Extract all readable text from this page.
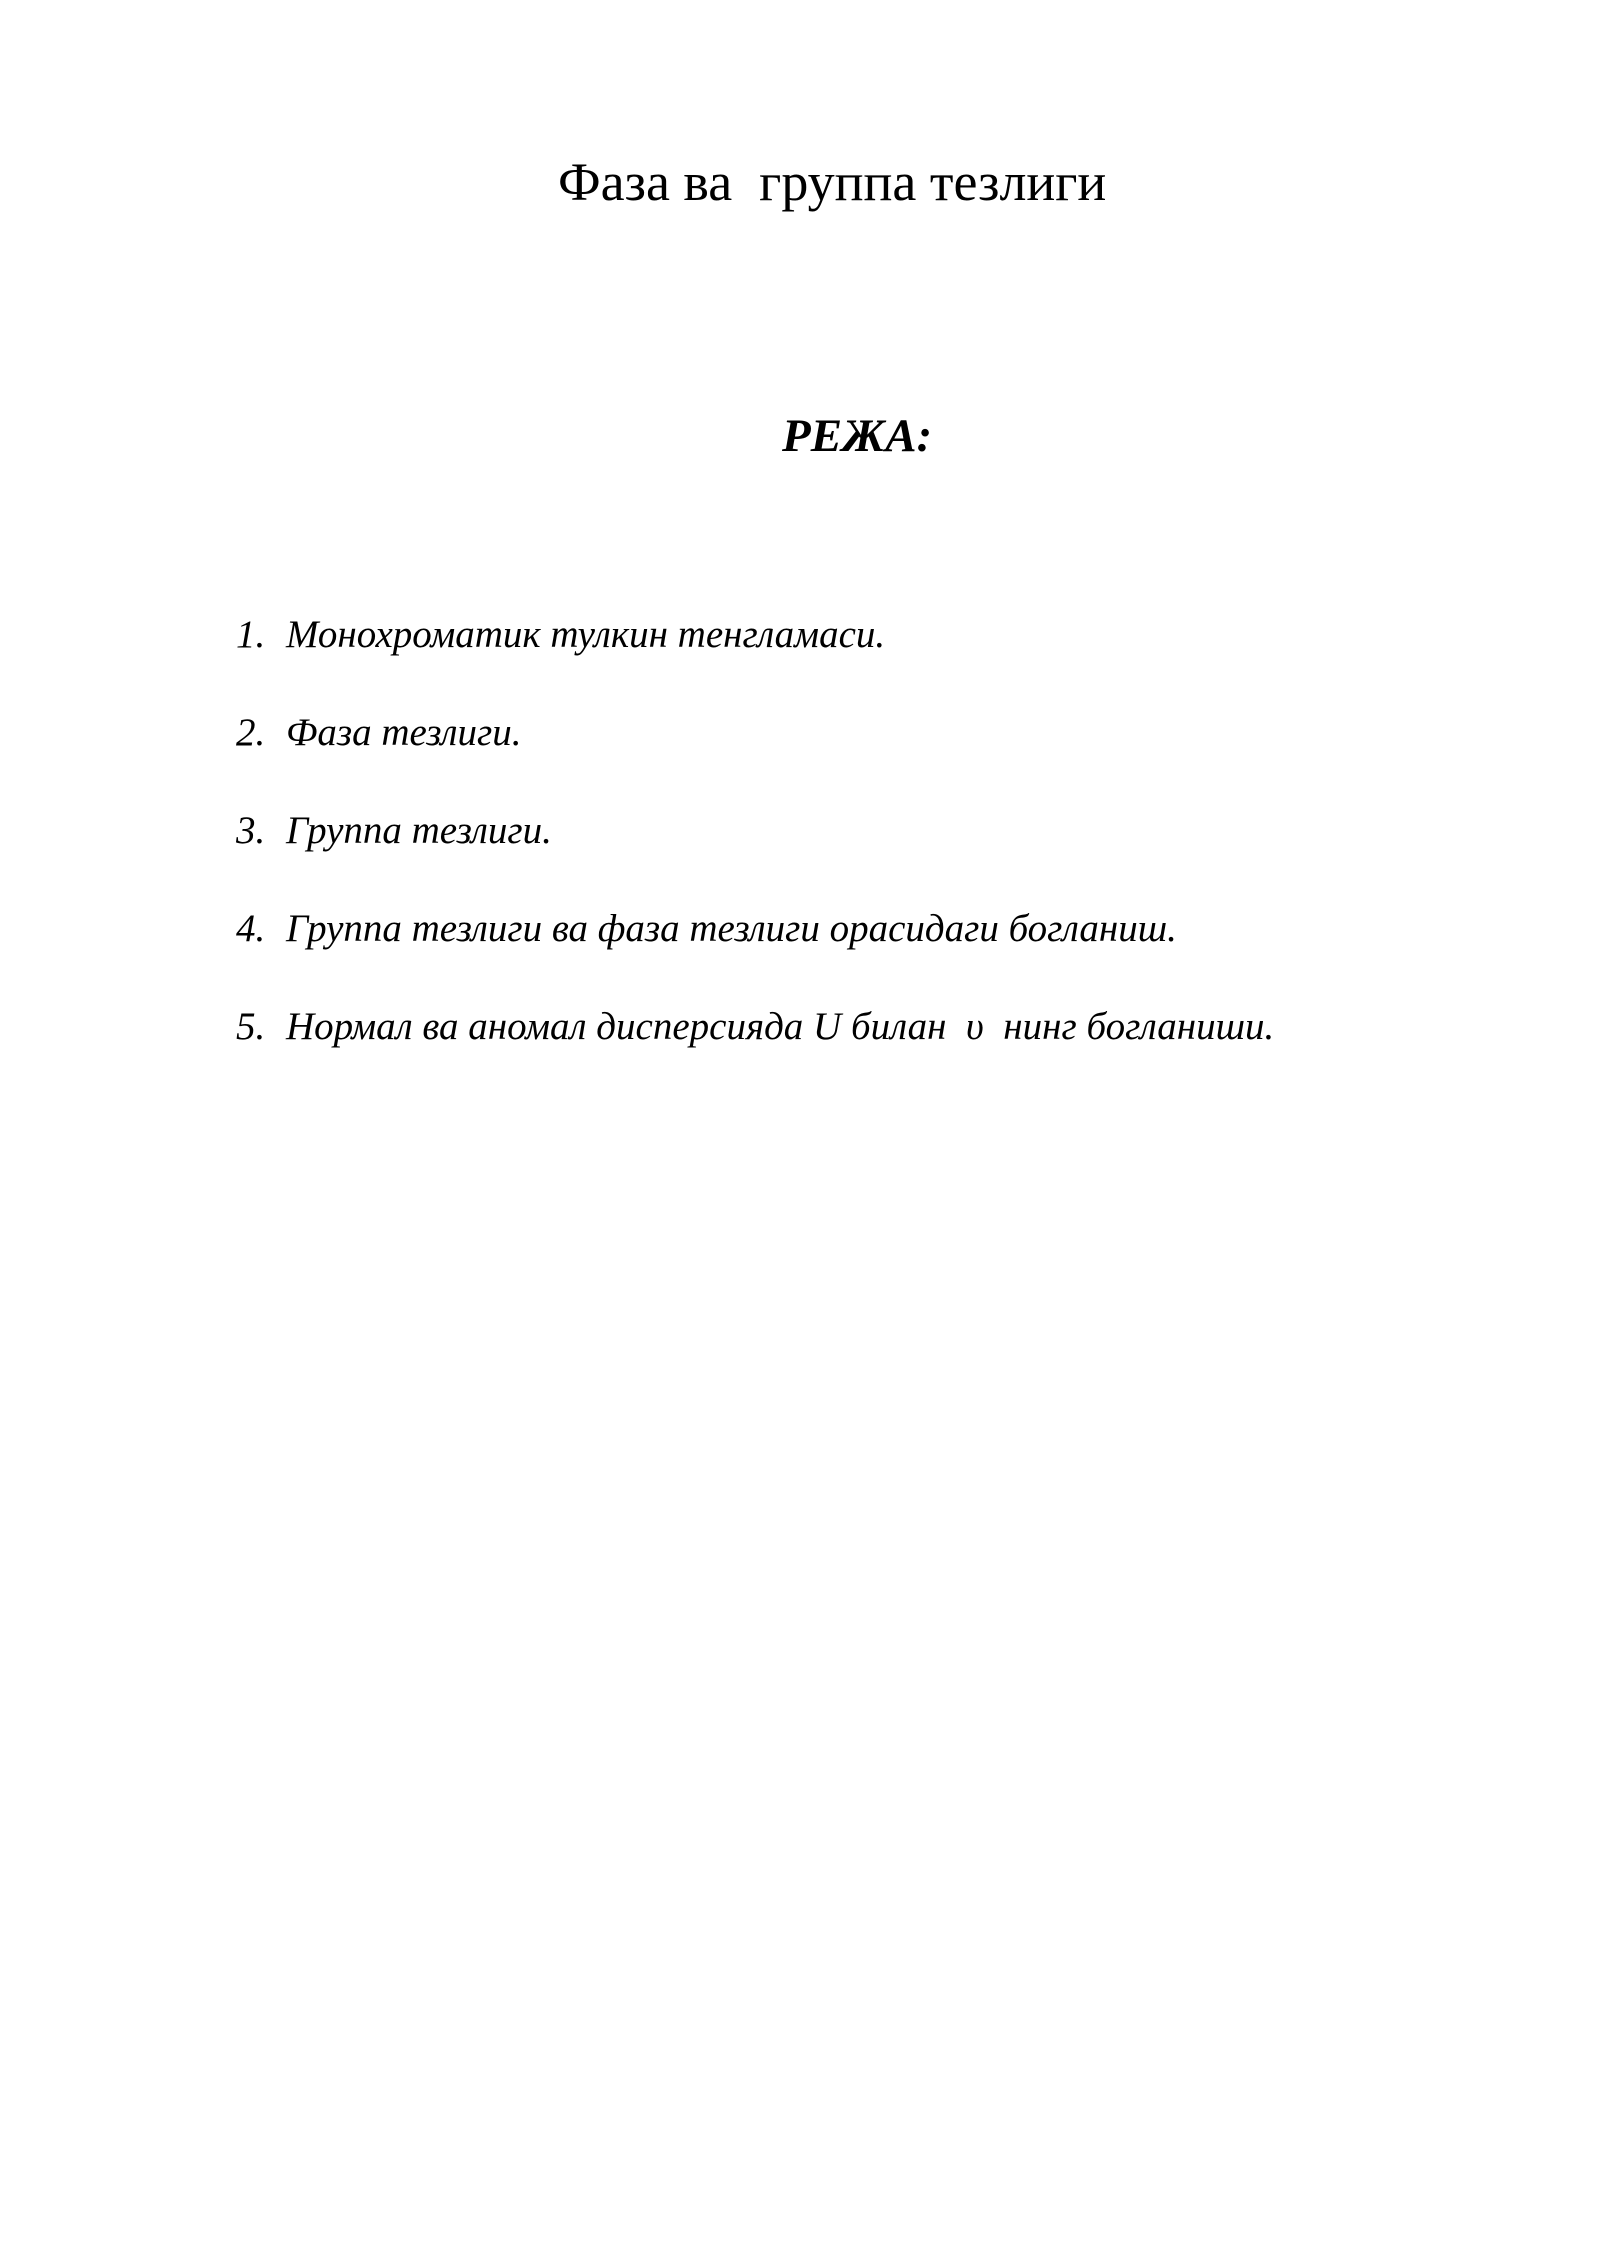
Фаза ва  группа тезлиги
РЕЖА:
1. Монохроматик тулкин тенгламаси.
2. Фаза тезлиги.
3. Группа тезлиги.
4. Группа тезлиги ва фаза тезлиги орасидаги богланиш.
5. Нормал ва аномал дисперсияда U билан  υ  нинг богланиши.
